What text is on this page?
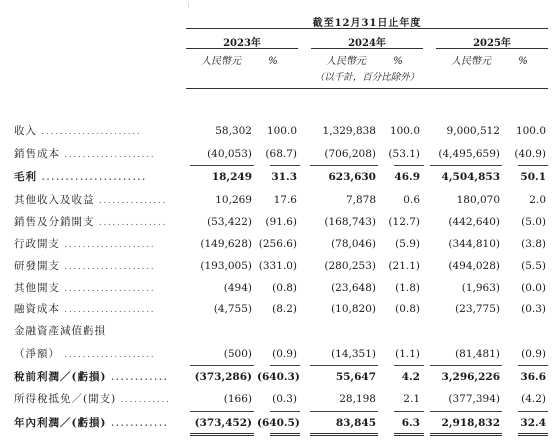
截至12月31日止年度
2023年	2024年	2025年
人民幣元	%	人民幣元	%	人民幣元	%
（以千計，百分比除外）
收入 ......................	58,302	100.0	1,329,838	100.0	9,000,512	100.0
銷售成本 ....................	(40,053)	(68.7)	(706,208)	(53.1)	(4,495,659)	(40.9)
毛利 ......................	18,249	31.3	623,630	46.9	4,504,853	50.1
其他收入及收益 ...............	10,269	17.6	7,878	0.6	180,070	2.0
銷售及分銷開支 ...............	(53,422)	(91.6)	(168,743)	(12.7)	(442,640)	(5.0)
行政開支 ....................	(149,628) (256.6)	(78,046)	(5.9)	(344,810)	(3.8)
研發開支 ....................	(193,005) (331.0)	(280,253)	(21.1)	(494,028)	(5.5)
其他開支 ....................	(494)	(0.8)	(23,648)	(1.8)	(1,963)	(0.0)
融資成本 ....................	(4,755)	(8.2)	(10,820)	(0.8)	(23,775)	(0.3)
金融資產減值虧損
（淨額） ....................	(500)	(0.9)	(14,351)	(1.1)	(81,481)	(0.9)
稅前利潤／(虧損) ............	(373,286) (640.3)	55,647	4.2	3,296,226	36.6
所得稅抵免／(開支) ...........	(166)	(0.3)	28,198	2.1	(377,394)	(4.2)
年內利潤／(虧損) ............	(373,452) (640.5)	83,845	6.3	2,918,832	32.4
